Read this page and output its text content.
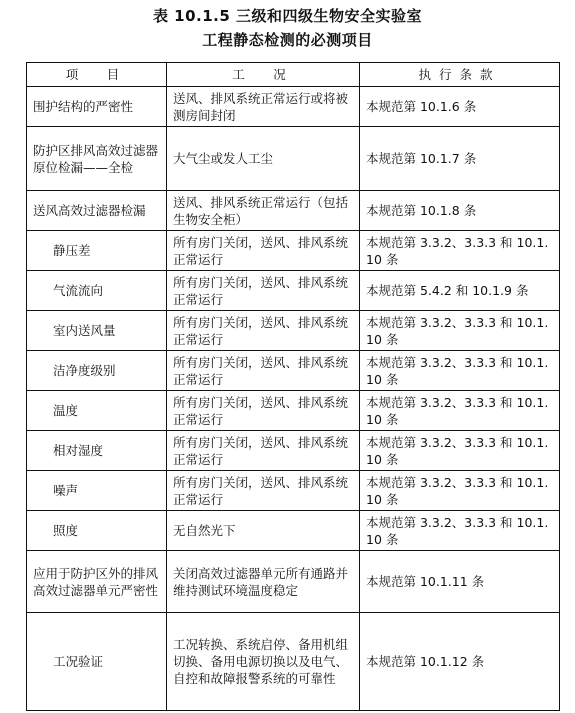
表 10.1.5 三级和四级生物安全实验室
工程静态检测的必测项目
项　目	工　况	执行条款
围护结构的严密性	送风、排风系统正常运行或将被测房间封闭	本规范第 10.1.6 条
防护区排风高效过滤器原位检漏——全检	大气尘或发人工尘	本规范第 10.1.7 条
送风高效过滤器检漏	送风、排风系统正常运行（包括生物安全柜）	本规范第 10.1.8 条
静压差	所有房门关闭，送风、排风系统正常运行	本规范第 3.3.2、3.3.3 和 10.1.10 条
气流流向	所有房门关闭，送风、排风系统正常运行	本规范第 5.4.2 和 10.1.9 条
室内送风量	所有房门关闭，送风、排风系统正常运行	本规范第 3.3.2、3.3.3 和 10.1.10 条
洁净度级别	所有房门关闭，送风、排风系统正常运行	本规范第 3.3.2、3.3.3 和 10.1.10 条
温度	所有房门关闭，送风、排风系统正常运行	本规范第 3.3.2、3.3.3 和 10.1.10 条
相对湿度	所有房门关闭，送风、排风系统正常运行	本规范第 3.3.2、3.3.3 和 10.1.10 条
噪声	所有房门关闭，送风、排风系统正常运行	本规范第 3.3.2、3.3.3 和 10.1.10 条
照度	无自然光下	本规范第 3.3.2、3.3.3 和 10.1.10 条
应用于防护区外的排风高效过滤器单元严密性	关闭高效过滤器单元所有通路并维持测试环境温度稳定	本规范第 10.1.11 条
工况验证	工况转换、系统启停、备用机组切换、备用电源切换以及电气、自控和故障报警系统的可靠性	本规范第 10.1.12 条
